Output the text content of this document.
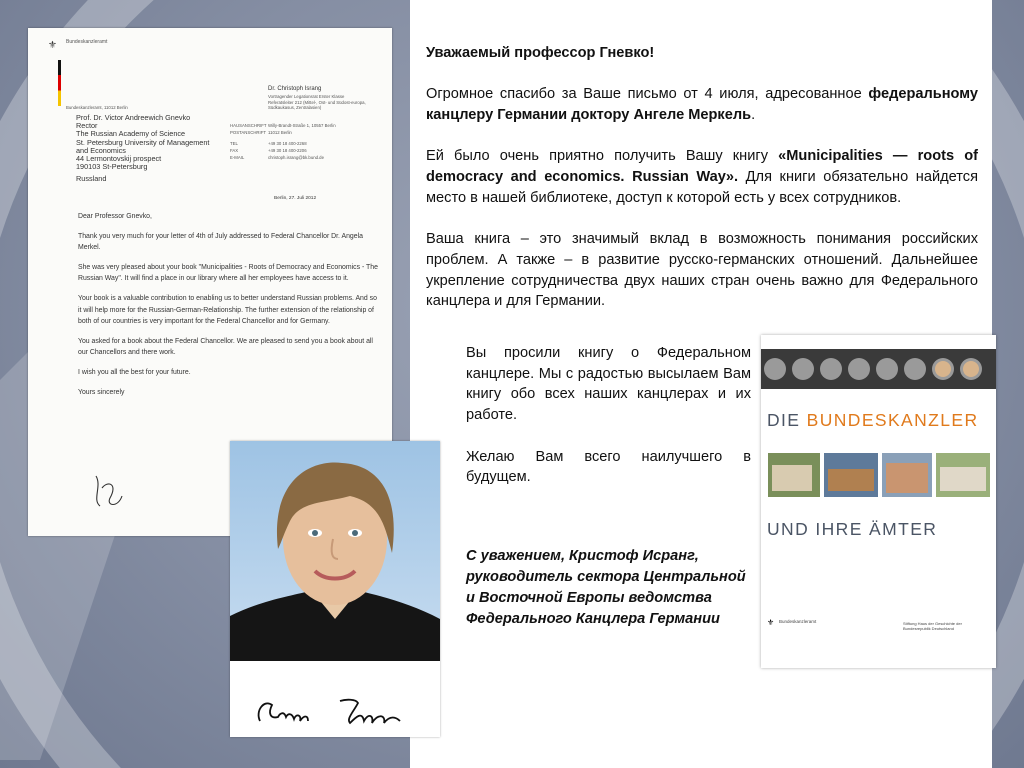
Уважаемый профессор Гневко!

Огромное спасибо за Ваше письмо от 4 июля, адресованное федеральному канцлеру Германии доктору Ангеле Меркель.

Ей было очень приятно получить Вашу книгу «Municipalities — roots of democracy and economics. Russian Way». Для книги обязательно найдется место в нашей библиотеке, доступ к которой есть у всех сотрудников.

Ваша книга – это значимый вклад в возможность понимания российских проблем. А также – в развитие русско-германских отношений. Дальнейшее укрепление сотрудничества двух наших стран очень важно для Федерального канцлера и для Германии.

Вы просили книгу о Федеральном канцлере. Мы с радостью высылаем Вам книгу обо всех наших канцлерах и их работе.

Желаю Вам всего наилучшего в будущем.

С уважением, Кристоф Исранг, руководитель сектора Центральной и Восточной Европы ведомства Федерального Канцлера Германии
⚜ Bundeskanzleramt
Dr. Christoph Israng
Vortragender Legationsrat Erster Klasse Referatsleiter 212 (Mittel-, Ost- und Südost-europa, Südkaukasus, Zentralasien)
HAUSANSCHRIFT Willy-Brandt-Straße 1, 10557 Berlin
POSTANSCHRIFT 11012 Berlin
TEL	+49 30 18 400-2268
FAX	+49 30 18 400-2206
E-MAIL	christoph.israng@bk.bund.de
Bundeskanzleramt, 11012 Berlin
Prof. Dr. Victor Andreewich Gnevko
Rector
The Russian Academy of Science
St. Petersburg University of Management
and Economics
44 Lermontovskij prospect
190103 St-Petersburg
Russland
Berlin, 27. Juli 2012

Dear Professor Gnevko,

Thank you very much for your letter of 4th of July addressed to Federal Chancellor Dr. Angela Merkel.

She was very pleased about your book "Municipalities - Roots of Democracy and Economics - The Russian Way". It will find a place in our library where all her employees have access to it.

Your book is a valuable contribution to enabling us to better understand Russian problems. And so it will help more for the Russian-German-Relationship. The further extension of the relationship of both of our countries is very important for the Federal Chancellor and for Germany.

You asked for a book about the Federal Chancellor. We are pleased to send you a book about all our Chancellors and there work.

I wish you all the best for your future.

Yours sincerely

DIE BUNDESKANZLER
UND IHRE ÄMTER
⚜ Bundeskanzleramt	Stiftung Haus der Geschichte der Bundesrepublik Deutschland
